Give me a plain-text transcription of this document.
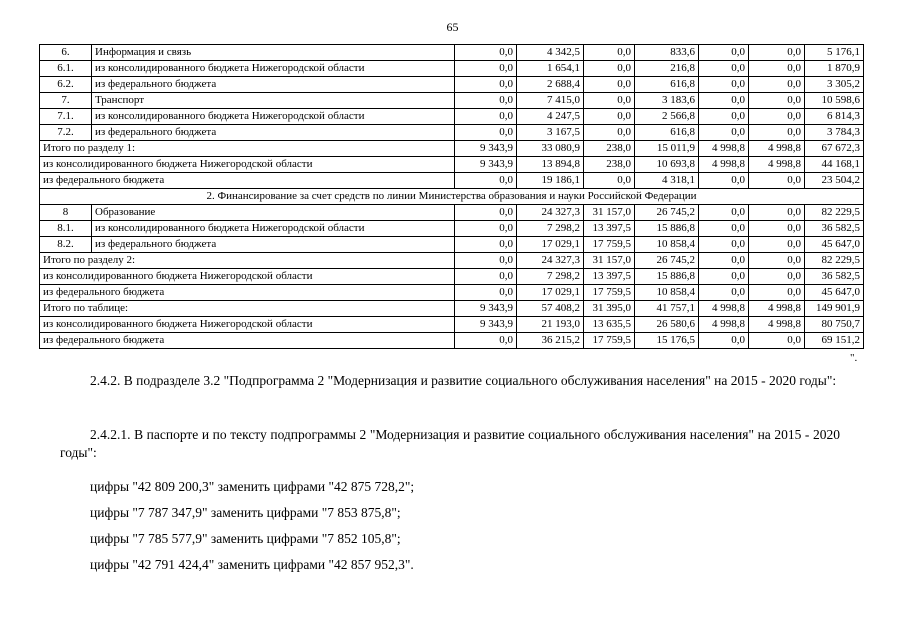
65
6.	Информация и связь	0,0	4 342,5	0,0	833,6	0,0	0,0	5 176,1
6.1.	из консолидированного бюджета Нижегородской области	0,0	1 654,1	0,0	216,8	0,0	0,0	1 870,9
6.2.	из федерального бюджета	0,0	2 688,4	0,0	616,8	0,0	0,0	3 305,2
7.	Транспорт	0,0	7 415,0	0,0	3 183,6	0,0	0,0	10 598,6
7.1.	из консолидированного бюджета Нижегородской области	0,0	4 247,5	0,0	2 566,8	0,0	0,0	6 814,3
7.2.	из федерального бюджета	0,0	3 167,5	0,0	616,8	0,0	0,0	3 784,3
Итого по разделу 1:		9 343,9	33 080,9	238,0	15 011,9	4 998,8	4 998,8	67 672,3
из консолидированного бюджета Нижегородской области		9 343,9	13 894,8	238,0	10 693,8	4 998,8	4 998,8	44 168,1
из федерального бюджета		0,0	19 186,1	0,0	4 318,1	0,0	0,0	23 504,2
2. Финансирование за счет средств по линии Министерства образования и науки Российской Федерации								
8	Образование	0,0	24 327,3	31 157,0	26 745,2	0,0	0,0	82 229,5
8.1.	из консолидированного бюджета Нижегородской области	0,0	7 298,2	13 397,5	15 886,8	0,0	0,0	36 582,5
8.2.	из федерального бюджета	0,0	17 029,1	17 759,5	10 858,4	0,0	0,0	45 647,0
Итого по разделу 2:		0,0	24 327,3	31 157,0	26 745,2	0,0	0,0	82 229,5
из консолидированного бюджета Нижегородской области		0,0	7 298,2	13 397,5	15 886,8	0,0	0,0	36 582,5
из федерального бюджета		0,0	17 029,1	17 759,5	10 858,4	0,0	0,0	45 647,0
Итого по таблице:		9 343,9	57 408,2	31 395,0	41 757,1	4 998,8	4 998,8	149 901,9
из консолидированного бюджета Нижегородской области		9 343,9	21 193,0	13 635,5	26 580,6	4 998,8	4 998,8	80 750,7
из федерального бюджета		0,0	36 215,2	17 759,5	15 176,5	0,0	0,0	69 151,2
".
2.4.2. В подразделе 3.2 "Подпрограмма 2 "Модернизация и развитие социального обслуживания населения" на 2015 - 2020 годы":
2.4.2.1. В паспорте и по тексту подпрограммы 2 "Модернизация и развитие социального обслуживания населения" на 2015 - 2020 годы":
цифры "42 809 200,3" заменить цифрами "42 875 728,2";
цифры "7 787 347,9" заменить цифрами "7 853 875,8";
цифры "7 785 577,9" заменить цифрами "7 852 105,8";
цифры "42 791 424,4" заменить цифрами "42 857 952,3".
